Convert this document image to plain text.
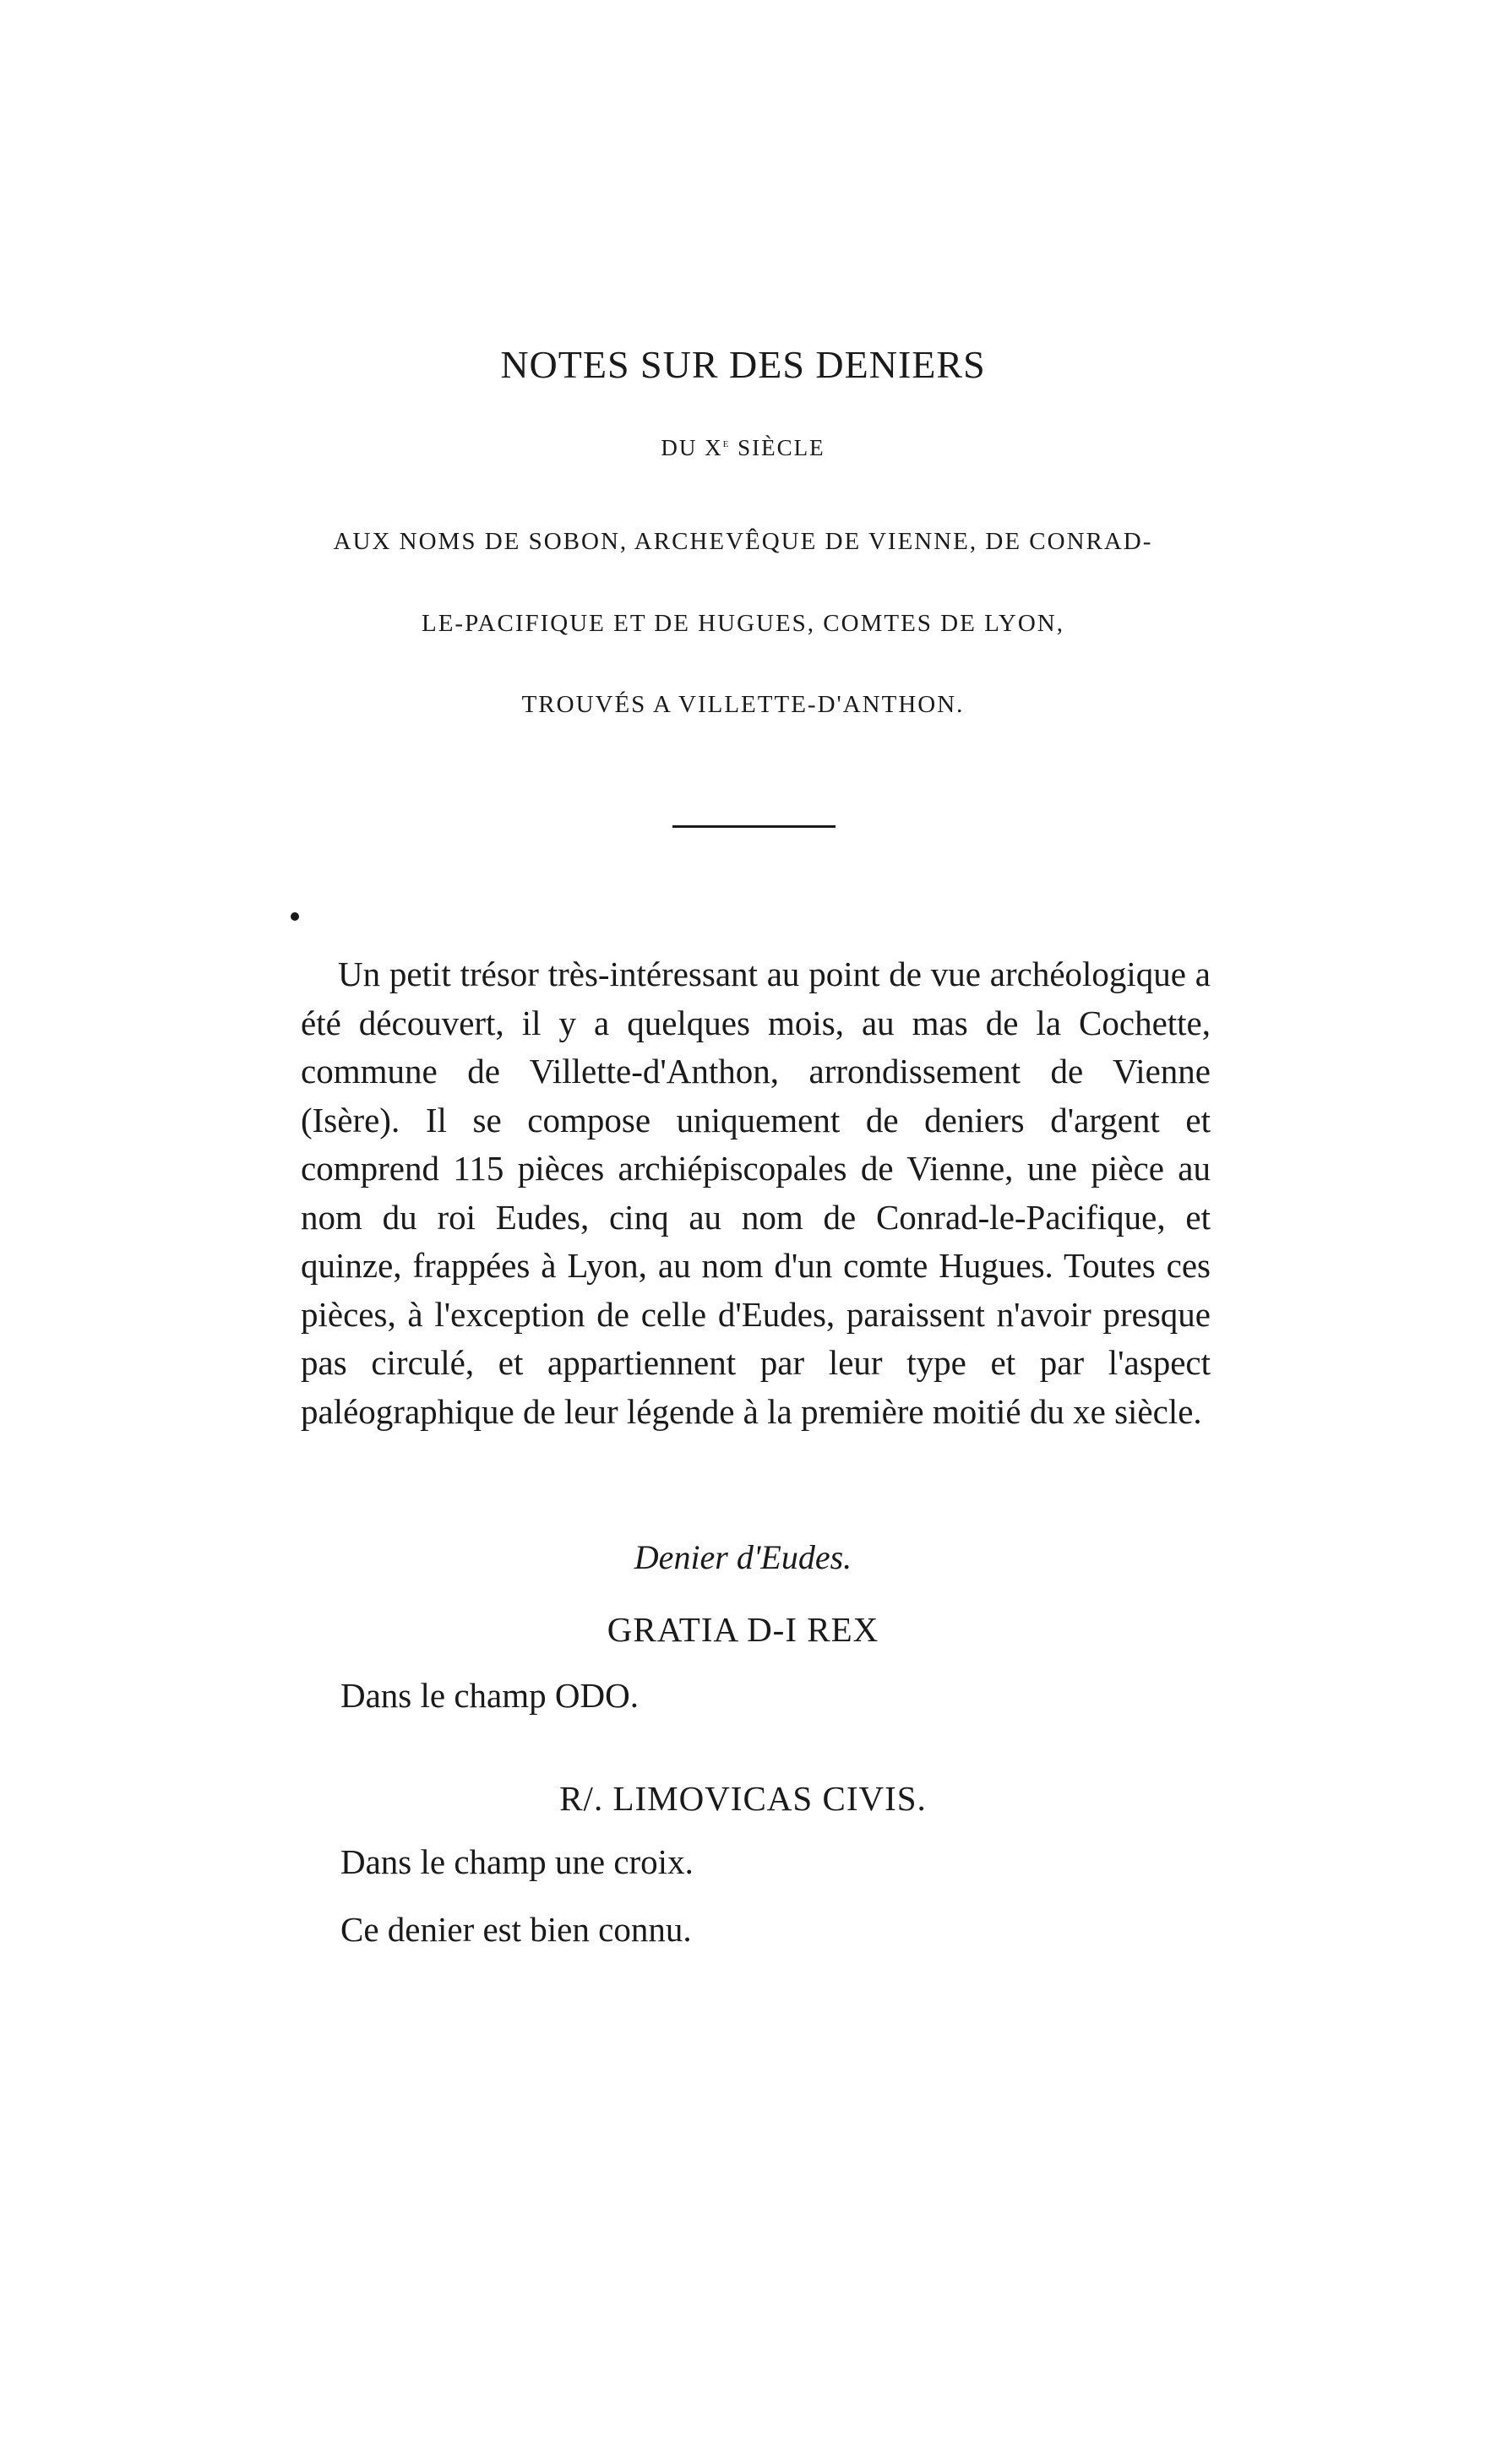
NOTES SUR DES DENIERS
DU Xe SIÈCLE
AUX NOMS DE SOBON, ARCHEVÊQUE DE VIENNE, DE CONRAD-
LE-PACIFIQUE ET DE HUGUES, COMTES DE LYON,
TROUVÉS A VILLETTE-D'ANTHON.

Un petit trésor très-intéressant au point de vue archéologique a été découvert, il y a quelques mois, au mas de la Cochette, commune de Villette-d'Anthon, arrondissement de Vienne (Isère). Il se compose uniquement de deniers d'argent et comprend 115 pièces archiépiscopales de Vienne, une pièce au nom du roi Eudes, cinq au nom de Conrad-le-Pacifique, et quinze, frappées à Lyon, au nom d'un comte Hugues. Toutes ces pièces, à l'exception de celle d'Eudes, paraissent n'avoir presque pas circulé, et appartiennent par leur type et par l'aspect paléographique de leur légende à la première moitié du xe siècle.

Denier d'Eudes.
GRATIA D-I REX
Dans le champ ODO.
R/. LIMOVICAS CIVIS.
Dans le champ une croix.
Ce denier est bien connu.
